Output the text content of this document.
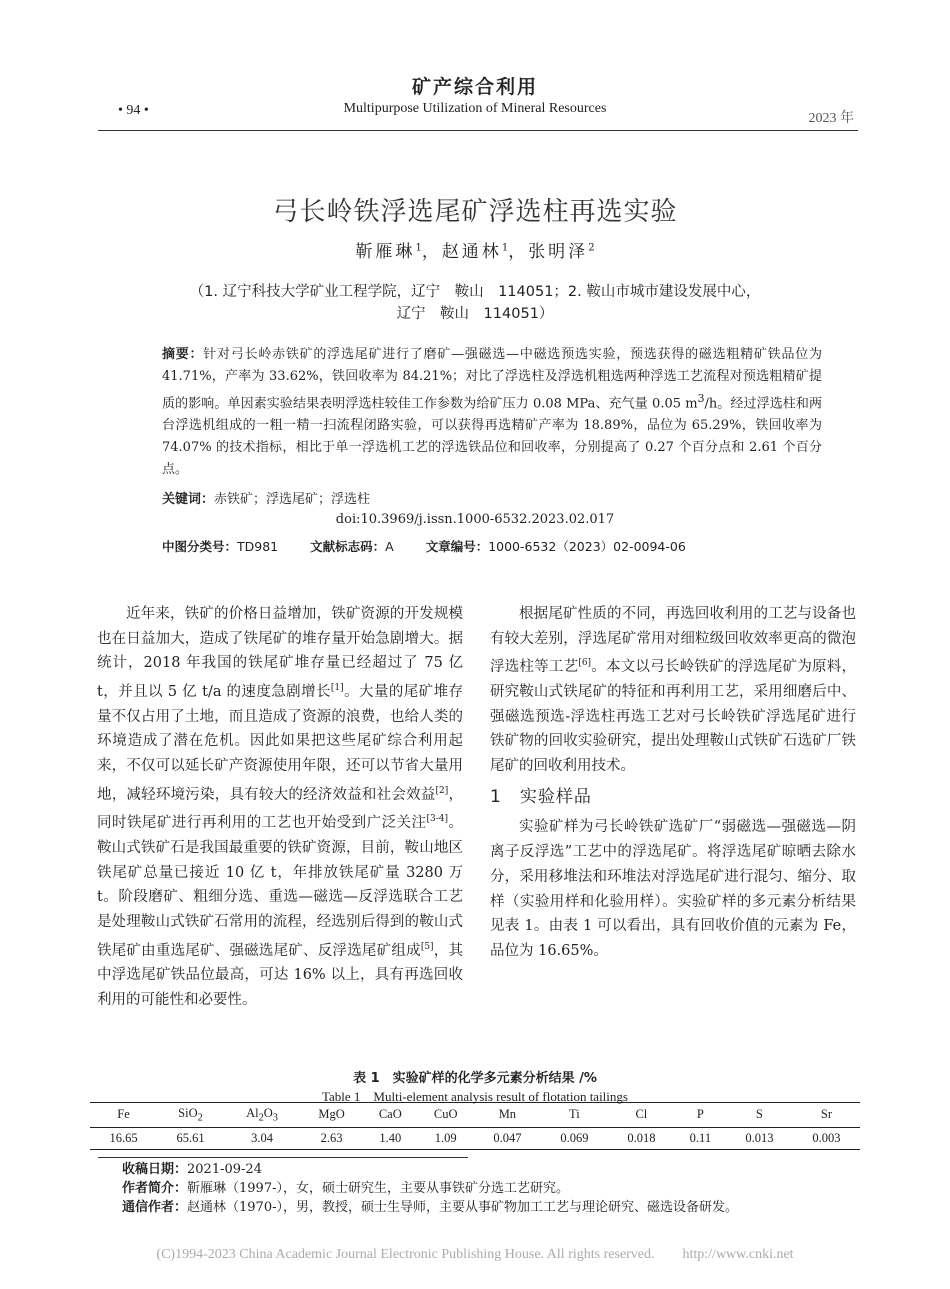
矿产综合利用
• 94 •	Multipurpose Utilization of Mineral Resources
2023 年
弓长岭铁浮选尾矿浮选柱再选实验
靳雁琳$^1$，赵通林$^1$，张明泽$^2$
（1. 辽宁科技大学矿业工程学院，辽宁　鞍山　114051；2. 鞍山市城市建设发展中心，
辽宁　鞍山　114051）
摘要：针对弓长岭赤铁矿的浮选尾矿进行了磨矿—强磁选—中磁选预选实验，预选获得的磁选粗精矿铁品位为 41.71%，产率为 33.62%，铁回收率为 84.21%；对比了浮选柱及浮选机粗选两种浮选工艺流程对预选粗精矿提质的影响。单因素实验结果表明浮选柱较佳工作参数为给矿压力 0.08 MPa、充气量 0.05 $m^3/h$。经过浮选柱和两台浮选机组成的一粗一精一扫流程闭路实验，可以获得再选精矿产率为 18.89%，品位为 65.29%，铁回收率为 74.07% 的技术指标，相比于单一浮选机工艺的浮选铁品位和回收率，分别提高了 0.27 个百分点和 2.61 个百分点。
关键词：赤铁矿；浮选尾矿；浮选柱
doi:10.3969/j.issn.1000-6532.2023.02.017
中图分类号：TD981	文献标志码：A	文章编号：1000-6532（2023）02-0094-06

近年来，铁矿的价格日益增加，铁矿资源的开发规模也在日益加大，造成了铁尾矿的堆存量开始急剧增大。据统计，2018 年我国的铁尾矿堆存量已经超过了 75 亿 t，并且以 5 亿 t/a 的速度急剧增长[1]。大量的尾矿堆存量不仅占用了土地，而且造成了资源的浪费，也给人类的环境造成了潜在危机。因此如果把这些尾矿综合利用起来，不仅可以延长矿产资源使用年限，还可以节省大量用地，减轻环境污染，具有较大的经济效益和社会效益[2]，同时铁尾矿进行再利用的工艺也开始受到广泛关注[3-4]。鞍山式铁矿石是我国最重要的铁矿资源，目前，鞍山地区铁尾矿总量已接近 10 亿 t，年排放铁尾矿量 3280 万 t。阶段磨矿、粗细分选、重选—磁选—反浮选联合工艺是处理鞍山式铁矿石常用的流程，经选别后得到的鞍山式铁尾矿由重选尾矿、强磁选尾矿、反浮选尾矿组成[5]，其中浮选尾矿铁品位最高，可达 16% 以上，具有再选回收利用的可能性和必要性。

根据尾矿性质的不同，再选回收利用的工艺与设备也有较大差别，浮选尾矿常用对细粒级回收效率更高的微泡浮选柱等工艺[6]。本文以弓长岭铁矿的浮选尾矿为原料，研究鞍山式铁尾矿的特征和再利用工艺，采用细磨后中、强磁选预选-浮选柱再选工艺对弓长岭铁矿浮选尾矿进行铁矿物的回收实验研究，提出处理鞍山式铁矿石选矿厂铁尾矿的回收利用技术。

1　实验样品

实验矿样为弓长岭铁矿选矿厂“弱磁选—强磁选—阴离子反浮选”工艺中的浮选尾矿。将浮选尾矿晾晒去除水分，采用移堆法和环堆法对浮选尾矿进行混匀、缩分、取样（实验用样和化验用样）。实验矿样的多元素分析结果见表 1。由表 1 可以看出，具有回收价值的元素为 Fe，品位为 16.65%。

表 1　实验矿样的化学多元素分析结果 /%
Table 1　Multi-element analysis result of flotation tailings
Fe	SiO$_2$	$Al_2O_3$	MgO	CaO	CuO	Mn	Ti	Cl	P	S	Sr
16.65	65.61	3.04	2.63	1.40	1.09	0.047	0.069	0.018	0.11	0.013	0.003
收稿日期：2021-09-24
作者简介：靳雁琳（1997-），女，硕士研究生，主要从事铁矿分选工艺研究。
通信作者：赵通林（1970-），男，教授，硕士生导师，主要从事矿物加工工艺与理论研究、磁选设备研发。
(C)1994-2023 China Academic Journal Electronic Publishing House. All rights reserved.　　http://www.cnki.net
